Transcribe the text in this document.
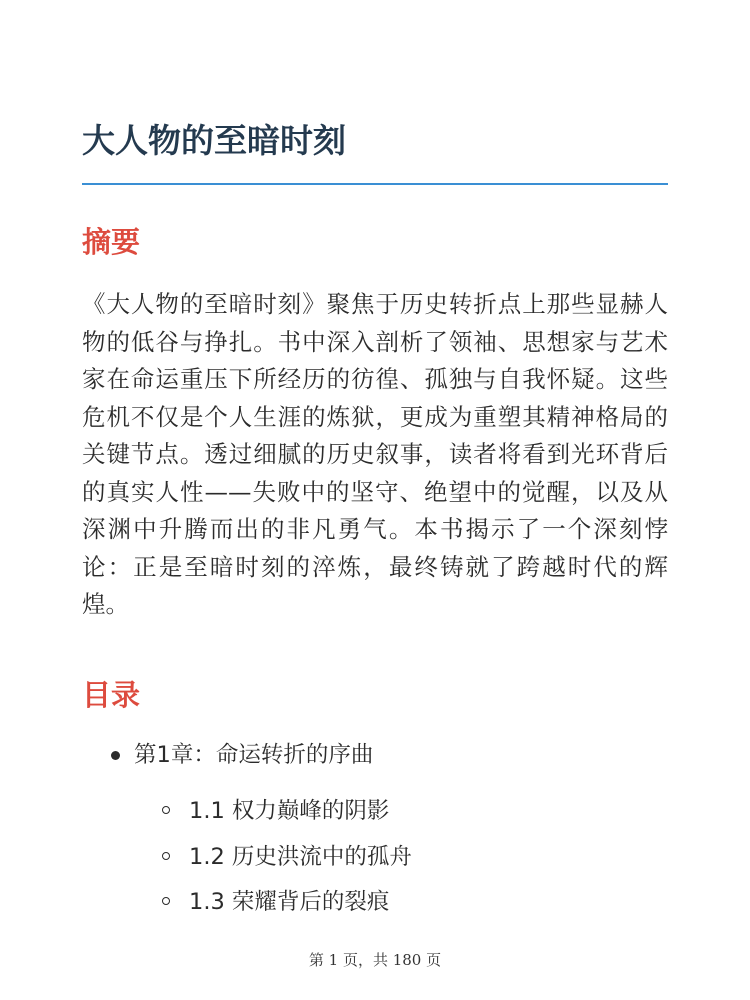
大人物的至暗时刻
摘要

《大人物的至暗时刻》聚焦于历史转折点上那些显赫人物的低谷与挣扎。书中深入剖析了领袖、思想家与艺术家在命运重压下所经历的彷徨、孤独与自我怀疑。这些危机不仅是个人生涯的炼狱，更成为重塑其精神格局的关键节点。透过细腻的历史叙事，读者将看到光环背后的真实人性——失败中的坚守、绝望中的觉醒，以及从深渊中升腾而出的非凡勇气。本书揭示了一个深刻悖论：正是至暗时刻的淬炼，最终铸就了跨越时代的辉煌。

目录
第1章：命运转折的序曲
1.1 权力巅峰的阴影
1.2 历史洪流中的孤舟
1.3 荣耀背后的裂痕
第 1 页，共 180 页
